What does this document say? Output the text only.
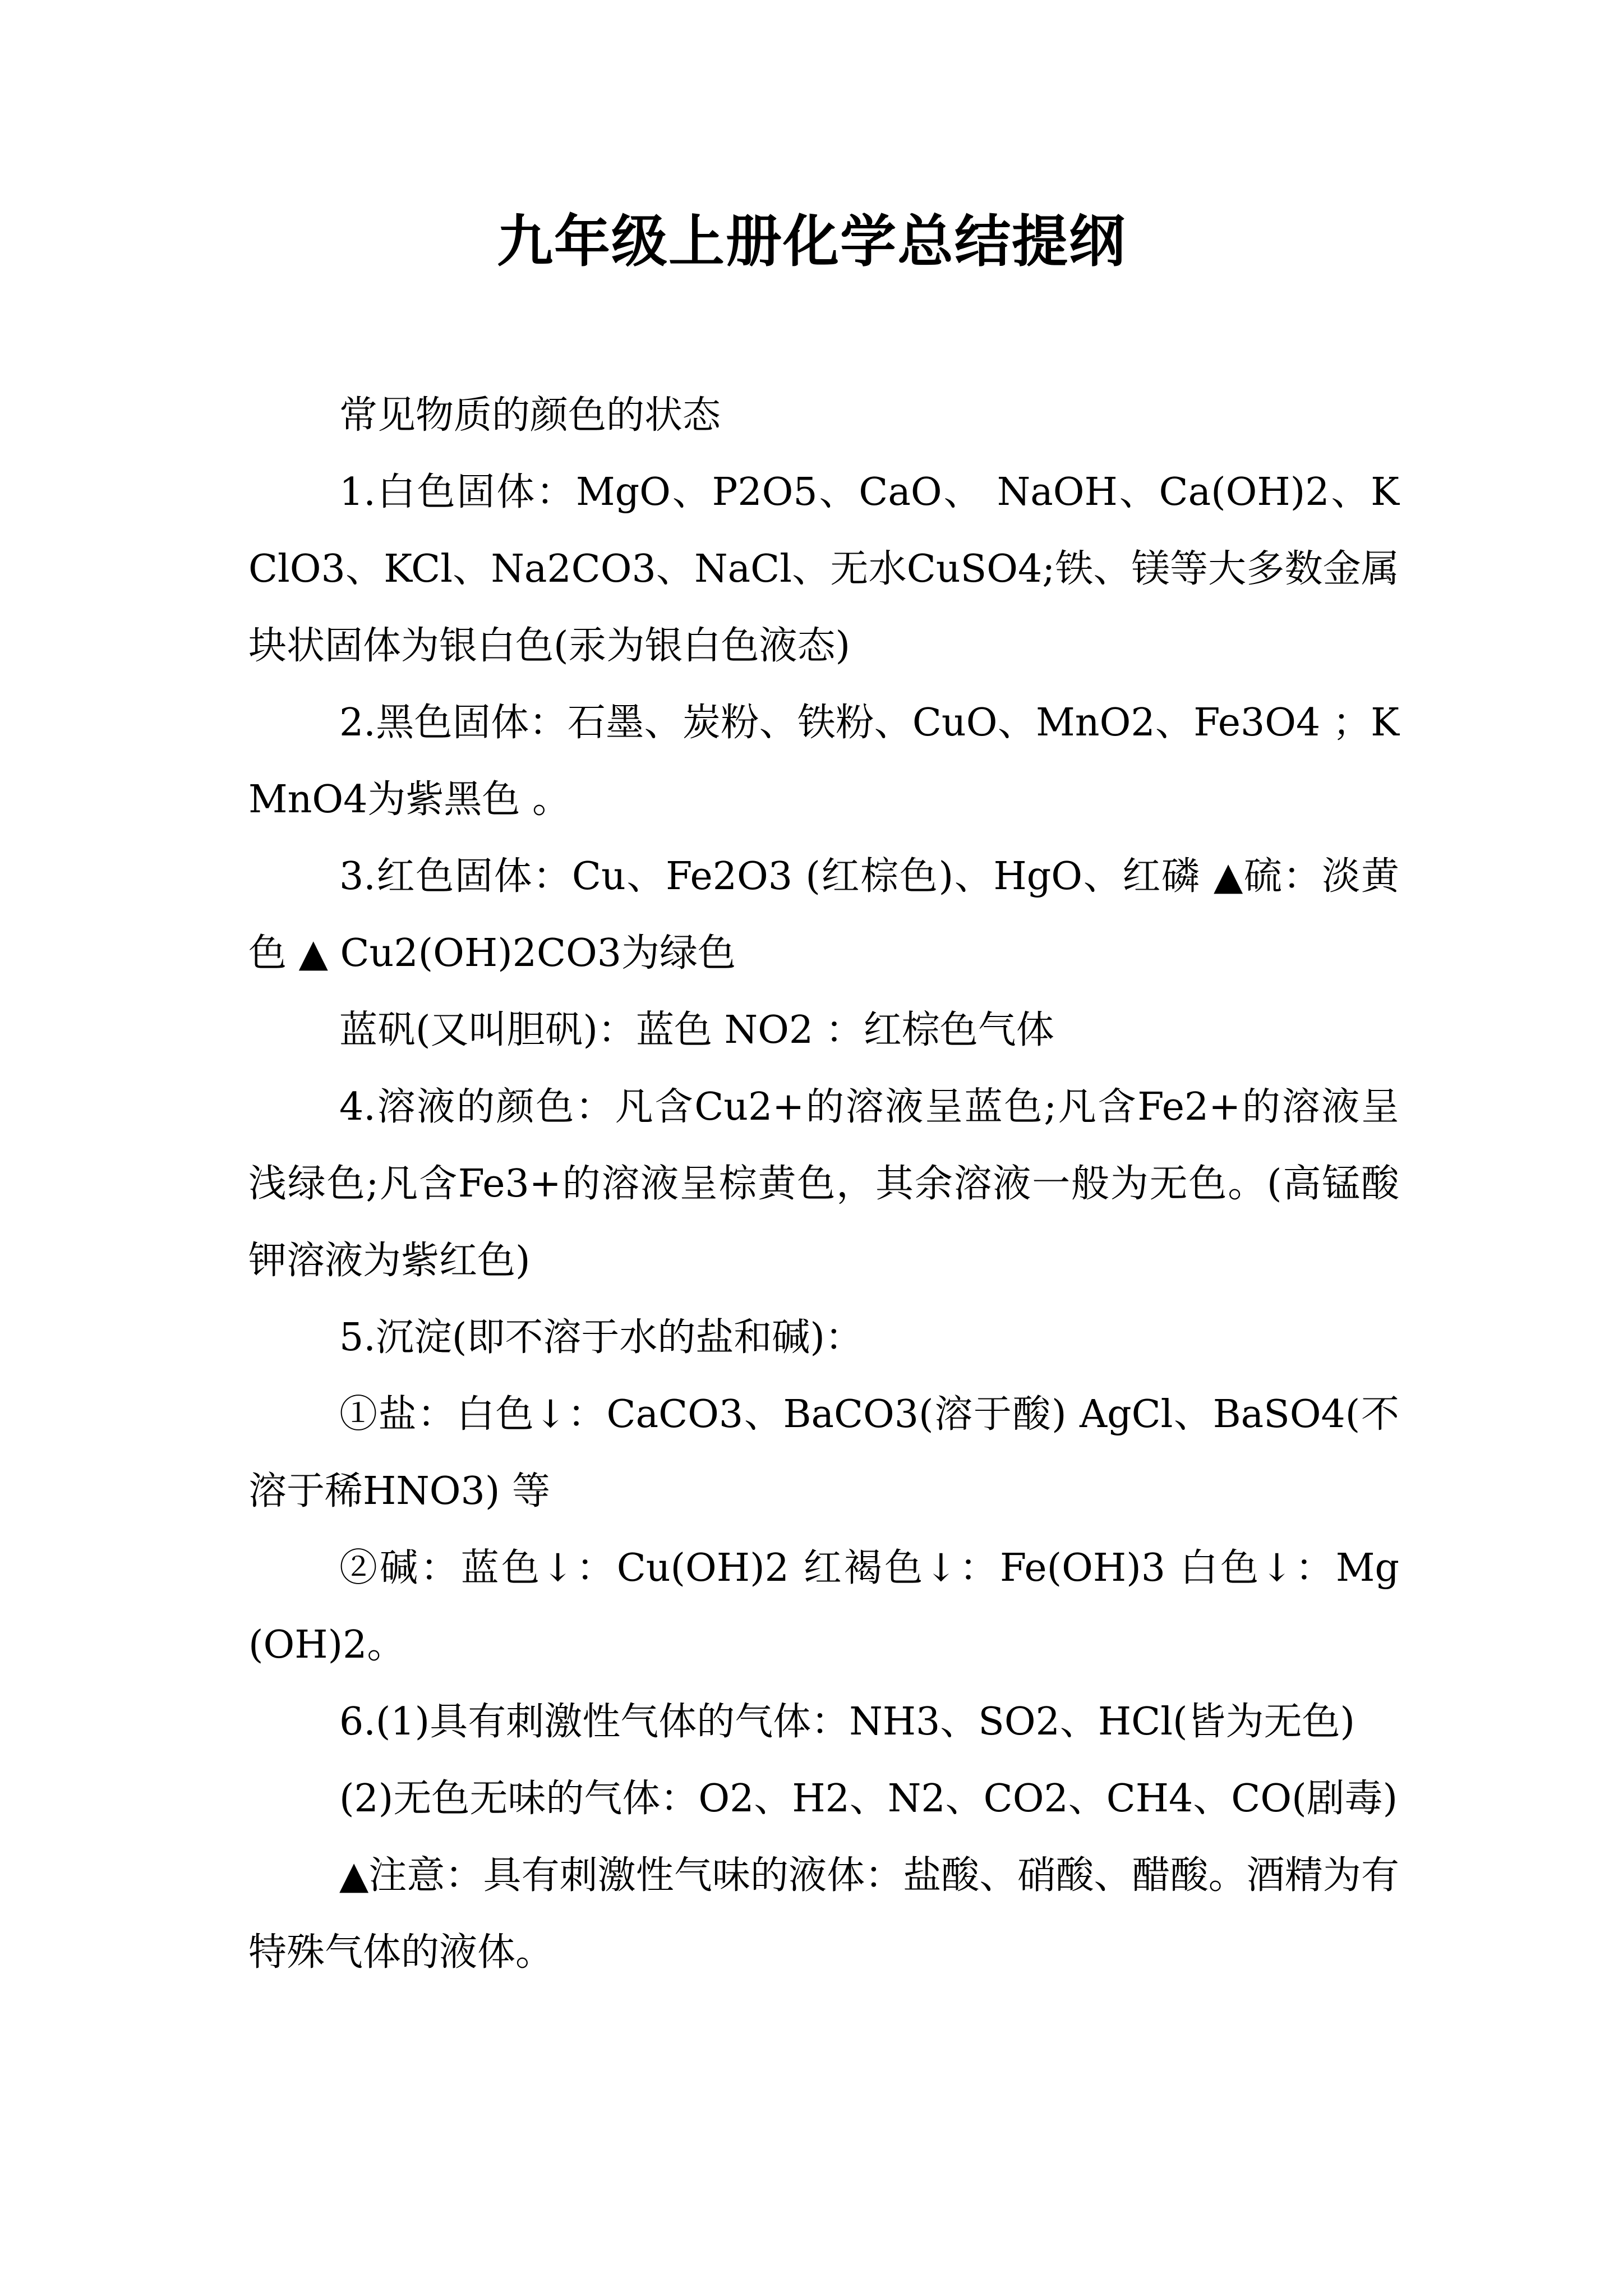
九年级上册化学总结提纲

常见物质的颜色的状态

1.白色固体：MgO、P2O5、CaO、 NaOH、Ca(OH)2、KClO3、KCl、Na2CO3、NaCl、无水CuSO4;铁、镁等大多数金属块状固体为银白色(汞为银白色液态)

2.黑色固体：石墨、炭粉、铁粉、CuO、MnO2、Fe3O4 ；KMnO4为紫黑色 。

3.红色固体：Cu、Fe2O3 (红棕色)、HgO、红磷 ▲硫：淡黄色 ▲ Cu2(OH)2CO3为绿色

蓝矾(又叫胆矾)：蓝色 NO2 ：红棕色气体

4.溶液的颜色：凡含Cu2+的溶液呈蓝色;凡含Fe2+的溶液呈浅绿色;凡含Fe3+的溶液呈棕黄色，其余溶液一般为无色。(高锰酸钾溶液为紫红色)

5.沉淀(即不溶于水的盐和碱)：

①盐：白色↓：CaCO3、BaCO3(溶于酸) AgCl、BaSO4(不溶于稀HNO3) 等

②碱：蓝色↓：Cu(OH)2 红褐色↓：Fe(OH)3 白色↓：Mg(OH)2。

6.(1)具有刺激性气体的气体：NH3、SO2、HCl(皆为无色)

(2)无色无味的气体：O2、H2、N2、CO2、CH4、CO(剧毒)

▲注意：具有刺激性气味的液体：盐酸、硝酸、醋酸。酒精为有特殊气体的液体。
